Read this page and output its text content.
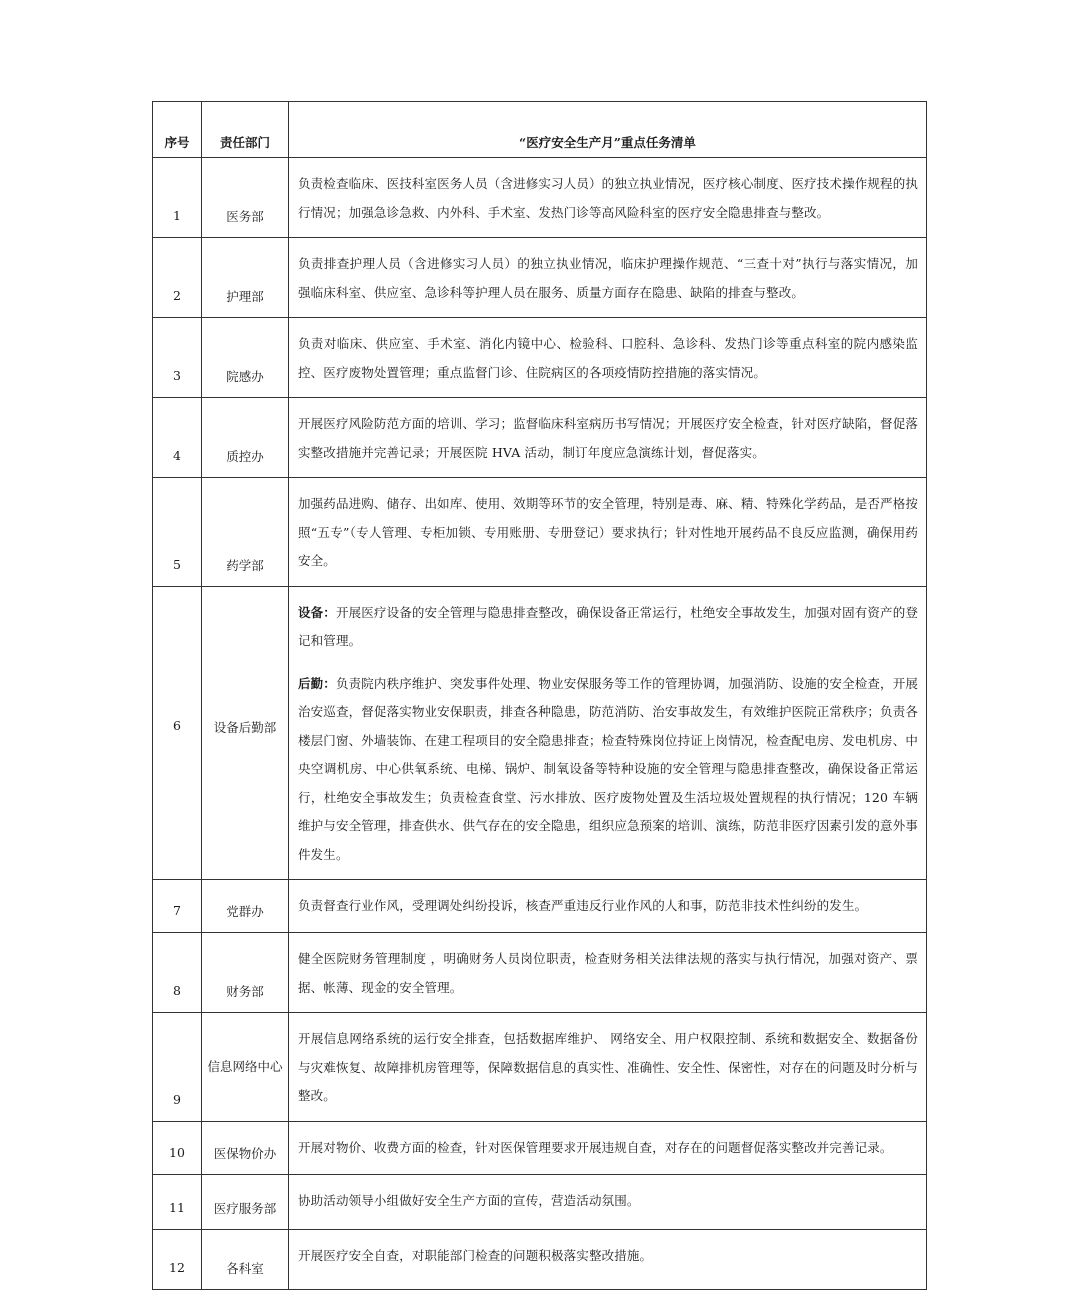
序号	责任部门	“医疗安全生产月”重点任务清单
1	医务部	负责检查临床、医技科室医务人员（含进修实习人员）的独立执业情况，医疗核心制度、医疗技术操作规程的执行情况；加强急诊急救、内外科、手术室、发热门诊等高风险科室的医疗安全隐患排查与整改。
2	护理部	负责排查护理人员（含进修实习人员）的独立执业情况，临床护理操作规范、“三查十对”执行与落实情况，加强临床科室、供应室、急诊科等护理人员在服务、质量方面存在隐患、缺陷的排查与整改。
3	院感办	负责对临床、供应室、手术室、消化内镜中心、检验科、口腔科、急诊科、发热门诊等重点科室的院内感染监控、医疗废物处置管理；重点监督门诊、住院病区的各项疫情防控措施的落实情况。
4	质控办	开展医疗风险防范方面的培训、学习；监督临床科室病历书写情况；开展医疗安全检查，针对医疗缺陷，督促落实整改措施并完善记录；开展医院 HVA 活动，制订年度应急演练计划，督促落实。
5	药学部	加强药品进购、储存、出如库、使用、效期等环节的安全管理，特别是毒、麻、精、特殊化学药品，是否严格按照“五专”（专人管理、专柜加锁、专用账册、专册登记）要求执行；针对性地开展药品不良反应监测，确保用药安全。
6	设备后勤部	设备：开展医疗设备的安全管理与隐患排查整改，确保设备正常运行，杜绝安全事故发生，加强对固有资产的登记和管理。

后勤：负责院内秩序维护、突发事件处理、物业安保服务等工作的管理协调，加强消防、设施的安全检查，开展治安巡查，督促落实物业安保职责，排查各种隐患，防范消防、治安事故发生，有效维护医院正常秩序；负责各楼层门窗、外墙装饰、在建工程项目的安全隐患排查；检查特殊岗位持证上岗情况，检查配电房、发电机房、中央空调机房、中心供氧系统、电梯、锅炉、制氧设备等特种设施的安全管理与隐患排查整改，确保设备正常运行，杜绝安全事故发生；负责检查食堂、污水排放、医疗废物处置及生活垃圾处置规程的执行情况；120 车辆维护与安全管理，排查供水、供气存在的安全隐患，组织应急预案的培训、演练，防范非医疗因素引发的意外事件发生。

7	党群办	负责督查行业作风，受理调处纠纷投诉，核查严重违反行业作风的人和事，防范非技术性纠纷的发生。
8	财务部	健全医院财务管理制度 ，明确财务人员岗位职责，检查财务相关法律法规的落实与执行情况，加强对资产、票据、帐薄、现金的安全管理。
9	信息网络中心	开展信息网络系统的运行安全排查，包括数据库维护、 网络安全、用户权限控制、系统和数据安全、数据备份与灾难恢复、故障排机房管理等，保障数据信息的真实性、准确性、安全性、保密性，对存在的问题及时分析与整改。
10	医保物价办	开展对物价、收费方面的检查，针对医保管理要求开展违规自查，对存在的问题督促落实整改并完善记录。
11	医疗服务部	协助活动领导小组做好安全生产方面的宣传，营造活动氛围。
12	各科室	开展医疗安全自查，对职能部门检查的问题积极落实整改措施。
